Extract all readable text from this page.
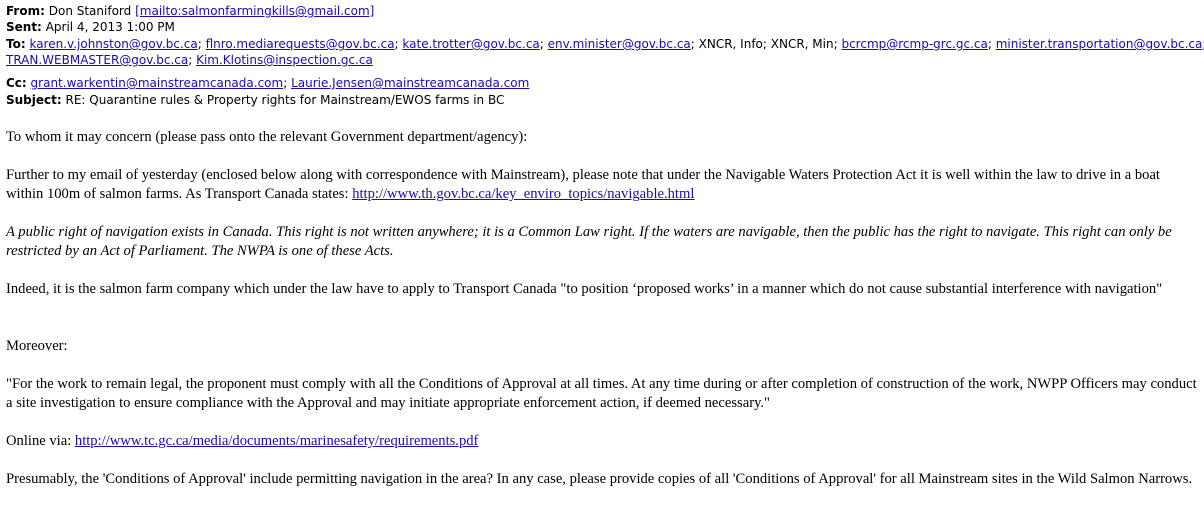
From: Don Staniford [mailto:salmonfarmingkills@gmail.com]
Sent: April 4, 2013 1:00 PM
To: karen.v.johnston@gov.bc.ca; flnro.mediarequests@gov.bc.ca; kate.trotter@gov.bc.ca; env.minister@gov.bc.ca; XNCR, Info; XNCR, Min; bcrcmp@rcmp-grc.gc.ca; minister.transportation@gov.bc.ca
TRAN.WEBMASTER@gov.bc.ca; Kim.Klotins@inspection.gc.ca
Cc: grant.warkentin@mainstreamcanada.com; Laurie.Jensen@mainstreamcanada.com
Subject: RE: Quarantine rules & Property rights for Mainstream/EWOS farms in BC

To whom it may concern (please pass onto the relevant Government department/agency):

Further to my email of yesterday (enclosed below along with correspondence with Mainstream), please note that under the Navigable Waters Protection Act it is well within the law to drive in a boat within 100m of salmon farms. As Transport Canada states: http://www.th.gov.bc.ca/key_enviro_topics/navigable.html

A public right of navigation exists in Canada. This right is not written anywhere; it is a Common Law right. If the waters are navigable, then the public has the right to navigate. This right can only be restricted by an Act of Parliament. The NWPA is one of these Acts.

Indeed, it is the salmon farm company which under the law have to apply to Transport Canada "to position ‘proposed works’ in a manner which do not cause substantial interference with navigation"

Moreover:

"For the work to remain legal, the proponent must comply with all the Conditions of Approval at all times. At any time during or after completion of construction of the work, NWPP Officers may conduct a site investigation to ensure compliance with the Approval and may initiate appropriate enforcement action, if deemed necessary."

Online via: http://www.tc.gc.ca/media/documents/marinesafety/requirements.pdf

Presumably, the 'Conditions of Approval' include permitting navigation in the area? In any case, please provide copies of all 'Conditions of Approval' for all Mainstream sites in the Wild Salmon Narrows.
